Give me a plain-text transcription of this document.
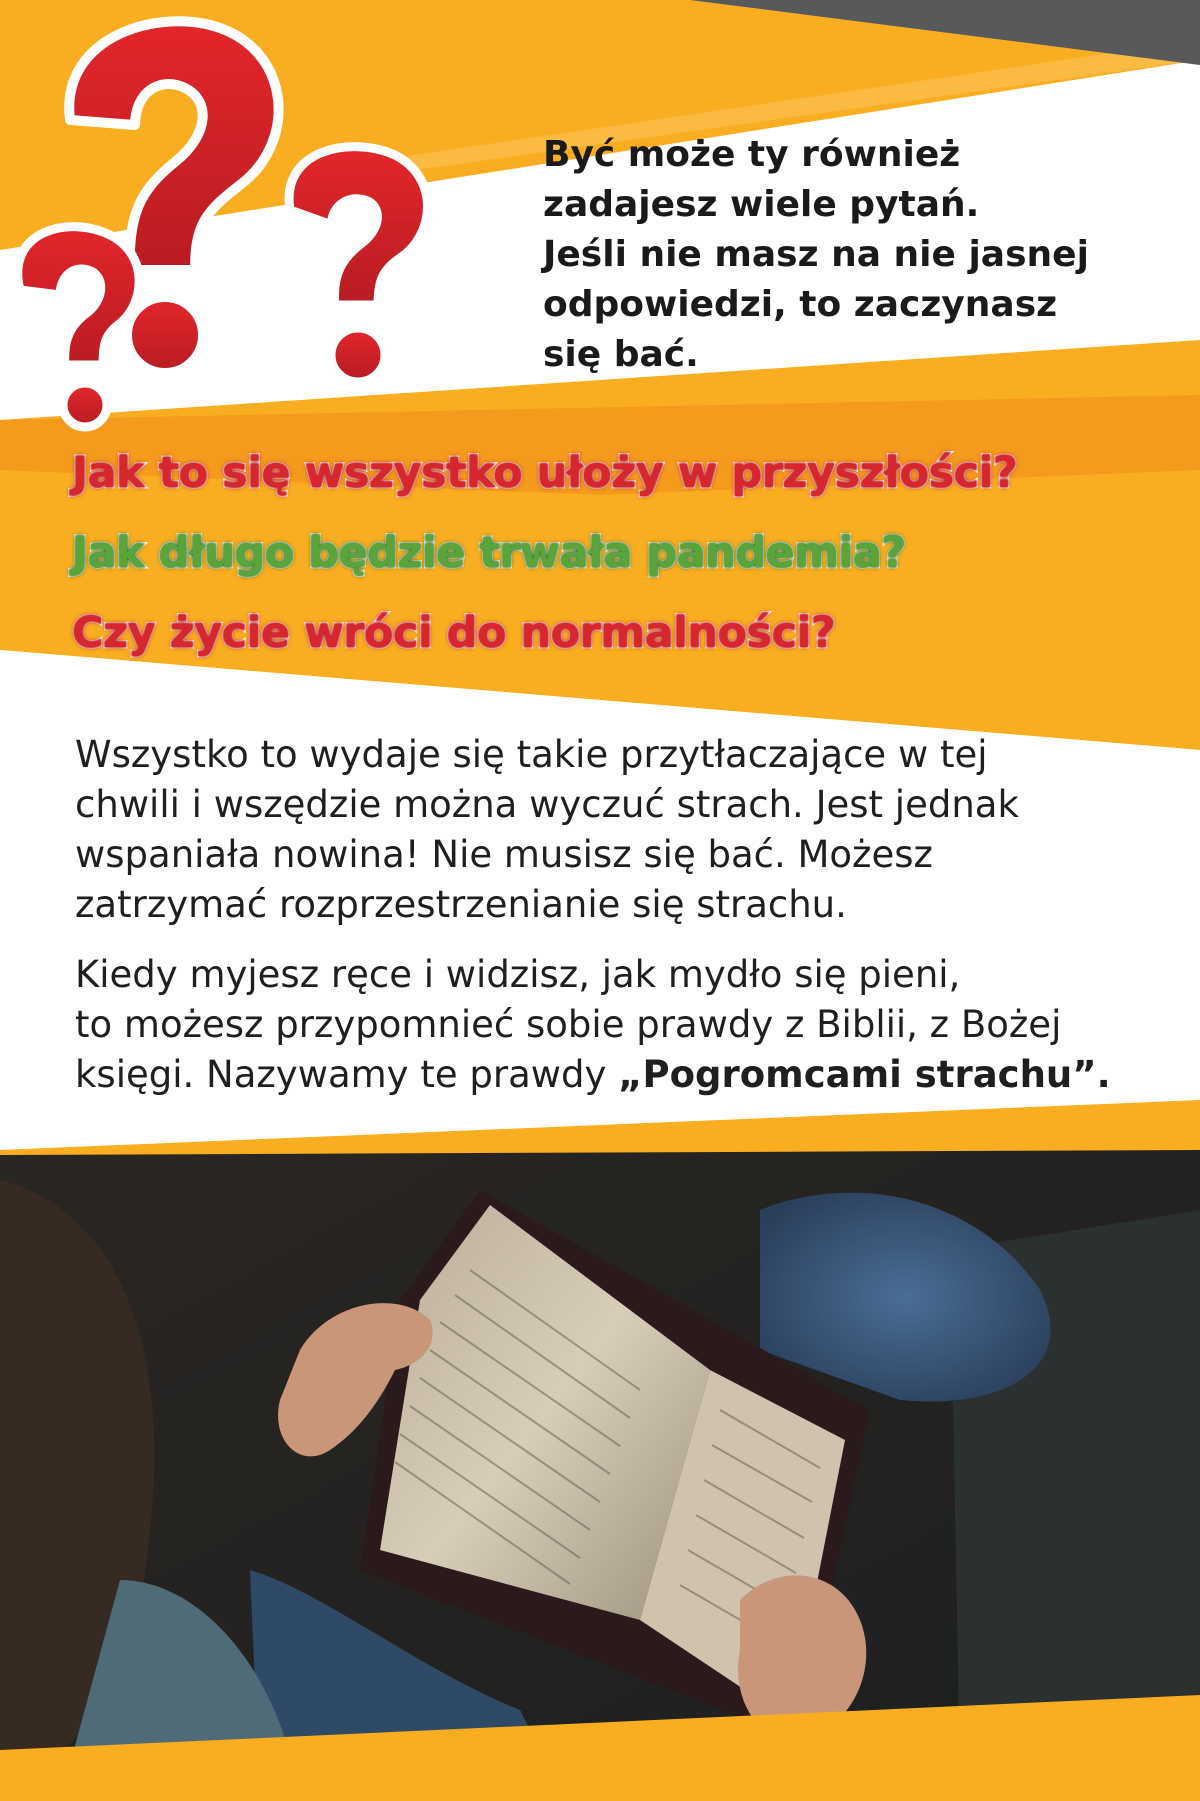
Być może ty również
zadajesz wiele pytań.
Jeśli nie masz na nie jasnej
odpowiedzi, to zaczynasz
się bać.
Jak to się wszystko ułoży w przyszłości?
Jak długo będzie trwała pandemia?
Czy życie wróci do normalności?
Wszystko to wydaje się takie przytłaczające w tej
chwili i wszędzie można wyczuć strach. Jest jednak
wspaniała nowina! Nie musisz się bać. Możesz
zatrzymać rozprzestrzenianie się strachu.
Kiedy myjesz ręce i widzisz, jak mydło się pieni,
to możesz przypomnieć sobie prawdy z Biblii, z Bożej
księgi. Nazywamy te prawdy „Pogromcami strachu”.
